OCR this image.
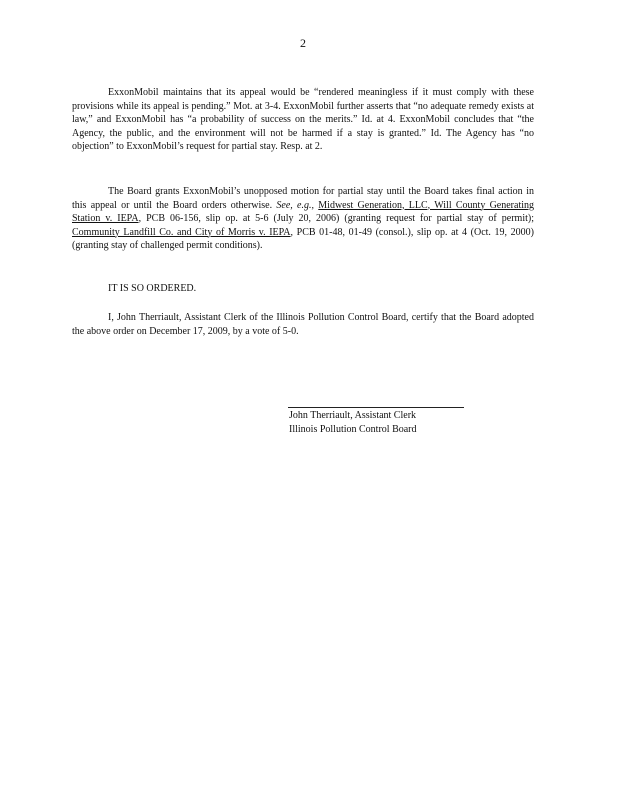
2
ExxonMobil maintains that its appeal would be “rendered meaningless if it must comply with these provisions while its appeal is pending.” Mot. at 3-4. ExxonMobil further asserts that “no adequate remedy exists at law,” and ExxonMobil has “a probability of success on the merits.” Id. at 4. ExxonMobil concludes that “the Agency, the public, and the environment will not be harmed if a stay is granted.” Id. The Agency has “no objection” to ExxonMobil’s request for partial stay. Resp. at 2.
The Board grants ExxonMobil’s unopposed motion for partial stay until the Board takes final action in this appeal or until the Board orders otherwise. See, e.g., Midwest Generation, LLC, Will County Generating Station v. IEPA, PCB 06-156, slip op. at 5-6 (July 20, 2006) (granting request for partial stay of permit); Community Landfill Co. and City of Morris v. IEPA, PCB 01-48, 01-49 (consol.), slip op. at 4 (Oct. 19, 2000) (granting stay of challenged permit conditions).
IT IS SO ORDERED.
I, John Therriault, Assistant Clerk of the Illinois Pollution Control Board, certify that the Board adopted the above order on December 17, 2009, by a vote of 5-0.
John Therriault, Assistant Clerk
Illinois Pollution Control Board
